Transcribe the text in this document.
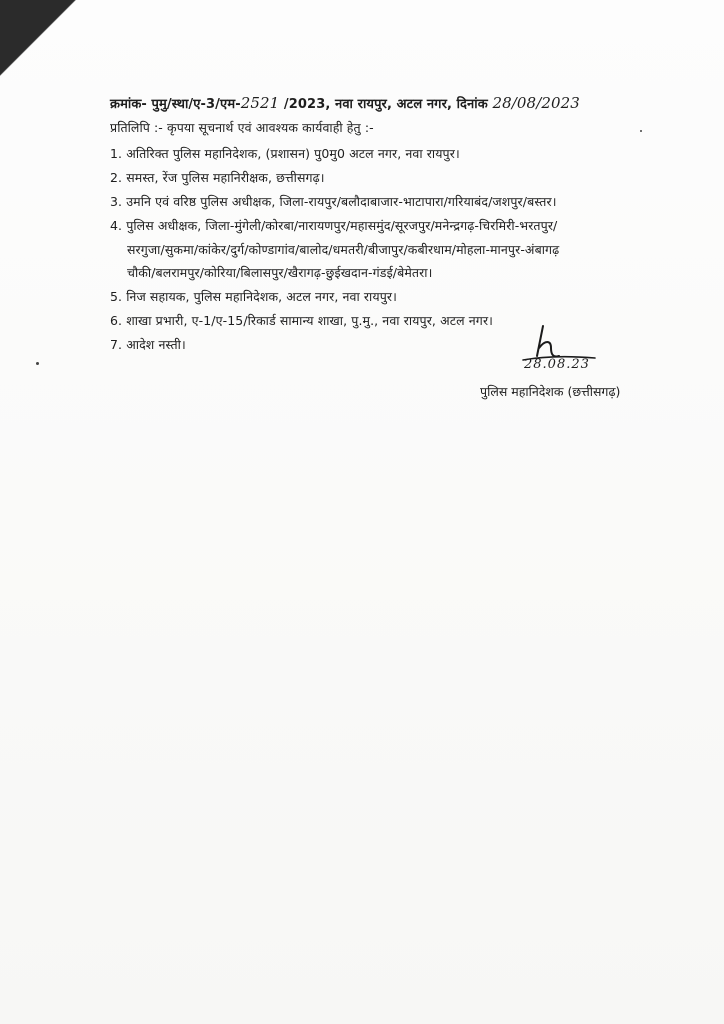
क्रमांक- पुमु/स्था/ए-3/एम-2521 /2023, नवा रायपुर, अटल नगर, दिनांक 28/08/2023
प्रतिलिपि :- कृपया सूचनार्थ एवं आवश्यक कार्यवाही हेतु :-
1. अतिरिक्त पुलिस महानिदेशक, (प्रशासन) पु0मु0 अटल नगर, नवा रायपुर।
2. समस्त, रेंज पुलिस महानिरीक्षक, छत्तीसगढ़।
3. उमनि एवं वरिष्ठ पुलिस अधीक्षक, जिला-रायपुर/बलौदाबाजार-भाटापारा/गरियाबंद/जशपुर/बस्तर।
4. पुलिस अधीक्षक, जिला-मुंगेली/कोरबा/नारायणपुर/महासमुंद/सूरजपुर/मनेन्द्रगढ़-चिरमिरी-भरतपुर/
सरगुजा/सुकमा/कांकेर/दुर्ग/कोण्डागांव/बालोद/धमतरी/बीजापुर/कबीरधाम/मोहला-मानपुर-अंबागढ़
चौकी/बलरामपुर/कोरिया/बिलासपुर/खैरागढ़-छुईखदान-गंडई/बेमेतरा।
5. निज सहायक, पुलिस महानिदेशक, अटल नगर, नवा रायपुर।
6. शाखा प्रभारी, ए-1/ए-15/रिकार्ड सामान्य शाखा, पु.मु., नवा रायपुर, अटल नगर।
7. आदेश नस्ती।
28.08.23
पुलिस महानिदेशक (छत्तीसगढ़)
